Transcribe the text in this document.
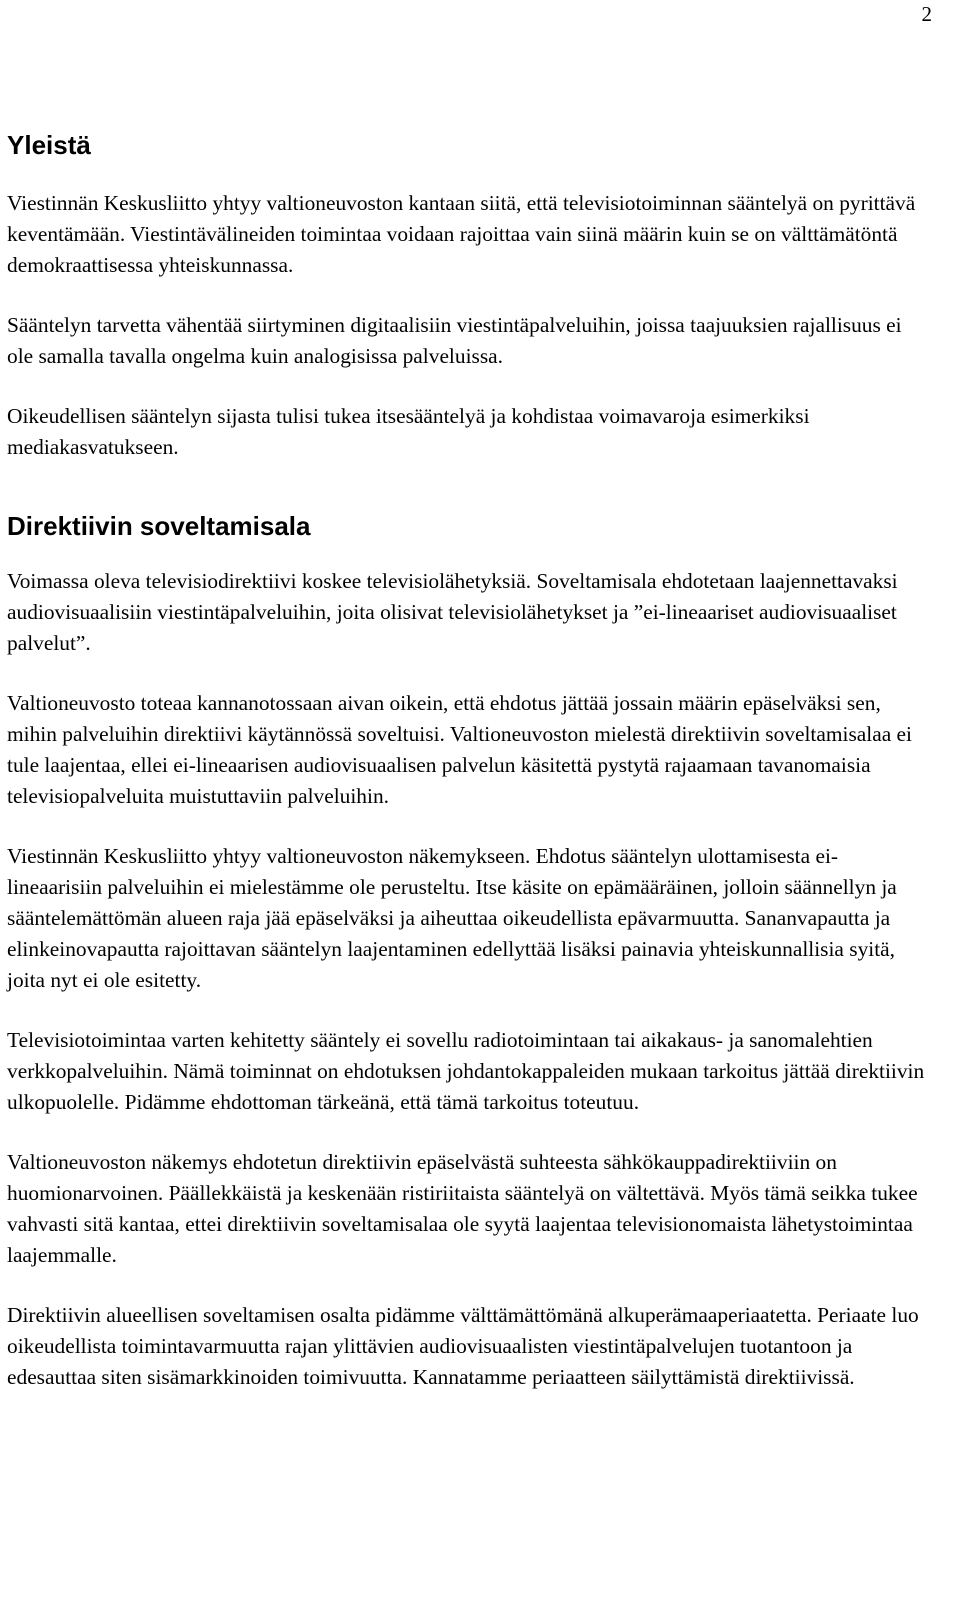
2
Yleistä

Viestinnän Keskusliitto yhtyy valtioneuvoston kantaan siitä, että televisiotoiminnan sääntelyä on pyrittävä keventämään. Viestintävälineiden toimintaa voidaan rajoittaa vain siinä määrin kuin se on välttämätöntä demokraattisessa yhteiskunnassa.

Sääntelyn tarvetta vähentää siirtyminen digitaalisiin viestintäpalveluihin, joissa taajuuksien rajallisuus ei ole samalla tavalla ongelma kuin analogisissa palveluissa.

Oikeudellisen sääntelyn sijasta tulisi tukea itsesääntelyä ja kohdistaa voimavaroja esimerkiksi mediakasvatukseen.

Direktiivin soveltamisala

Voimassa oleva televisiodirektiivi koskee televisiolähetyksiä. Soveltamisala ehdotetaan laajennettavaksi audiovisuaalisiin viestintäpalveluihin, joita olisivat televisiolähetykset ja ”ei-lineaariset audiovisuaaliset palvelut”.

Valtioneuvosto toteaa kannanotossaan aivan oikein, että ehdotus jättää jossain määrin epäselväksi sen, mihin palveluihin direktiivi käytännössä soveltuisi. Valtioneuvoston mielestä direktiivin soveltamisalaa ei tule laajentaa, ellei ei-lineaarisen audiovisuaalisen palvelun käsitettä pystytä rajaamaan tavanomaisia televisiopalveluita muistuttaviin palveluihin.

Viestinnän Keskusliitto yhtyy valtioneuvoston näkemykseen. Ehdotus sääntelyn ulottamisesta ei-lineaarisiin palveluihin ei mielestämme ole perusteltu. Itse käsite on epämääräinen, jolloin säännellyn ja sääntelemättömän alueen raja jää epäselväksi ja aiheuttaa oikeudellista epävarmuutta. Sananvapautta ja elinkeinovapautta rajoittavan sääntelyn laajentaminen edellyttää lisäksi painavia yhteiskunnallisia syitä, joita nyt ei ole esitetty.

Televisiotoimintaa varten kehitetty sääntely ei sovellu radiotoimintaan tai aikakaus- ja sanomalehtien verkkopalveluihin. Nämä toiminnat on ehdotuksen johdantokappaleiden mukaan tarkoitus jättää direktiivin ulkopuolelle. Pidämme ehdottoman tärkeänä, että tämä tarkoitus toteutuu.

Valtioneuvoston näkemys ehdotetun direktiivin epäselvästä suhteesta sähkökauppadirektiiviin on huomionarvoinen. Päällekkäistä ja keskenään ristiriitaista sääntelyä on vältettävä. Myös tämä seikka tukee vahvasti sitä kantaa, ettei direktiivin soveltamisalaa ole syytä laajentaa televisionomaista lähetystoimintaa laajemmalle.

Direktiivin alueellisen soveltamisen osalta pidämme välttämättömänä alkuperämaaperiaatetta. Periaate luo oikeudellista toimintavarmuutta rajan ylittävien audiovisuaalisten viestintäpalvelujen tuotantoon ja edesauttaa siten sisämarkkinoiden toimivuutta. Kannatamme periaatteen säilyttämistä direktiivissä.
